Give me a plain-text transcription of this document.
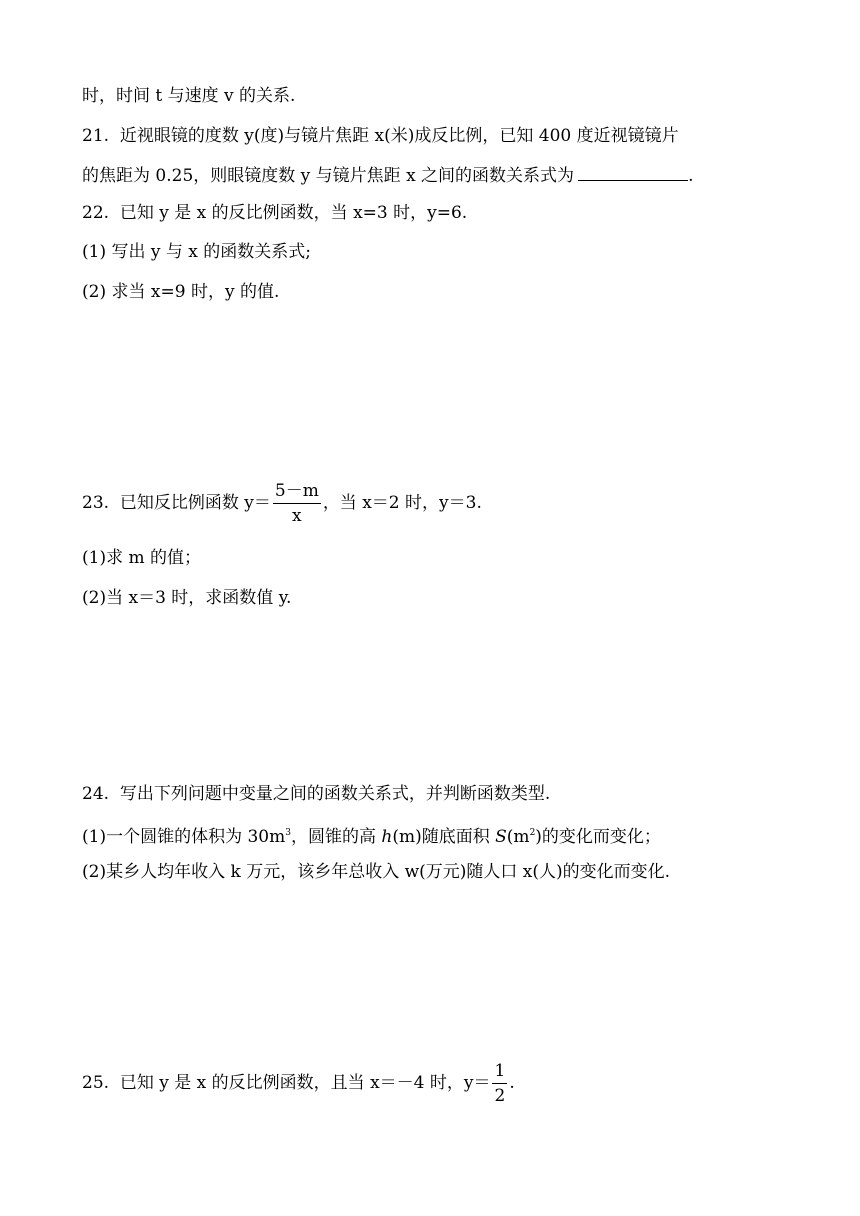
时，时间 t 与速度 v 的关系.
21. 近视眼镜的度数 y(度)与镜片焦距 x(米)成反比例，已知 400 度近视镜镜片
的焦距为 0.25，则眼镜度数 y 与镜片焦距 x 之间的函数关系式为	.
22. 已知 y 是 x 的反比例函数，当 x=3 时，y=6.
(1) 写出 y 与 x 的函数关系式;
(2) 求当 x=9 时，y 的值.
23. 已知反比例函数 $y= \frac{5-m}{x}$ ，当 x＝2 时，y＝3.
(1)求 m 的值；
(2)当 x＝3 时，求函数值 y.
24. 写出下列问题中变量之间的函数关系式，并判断函数类型.
(1)一个圆锥的体积为 $30m^3$，圆锥的高 h(m)随底面积 $S(m^2)$的变化而变化；
(2)某乡人均年收入 k 万元，该乡年总收入 w(万元)随人口 x(人)的变化而变化.
25. 已知 y 是 x 的反比例函数，且当 x＝－4 时，$y= \frac{1}{2}$ .
